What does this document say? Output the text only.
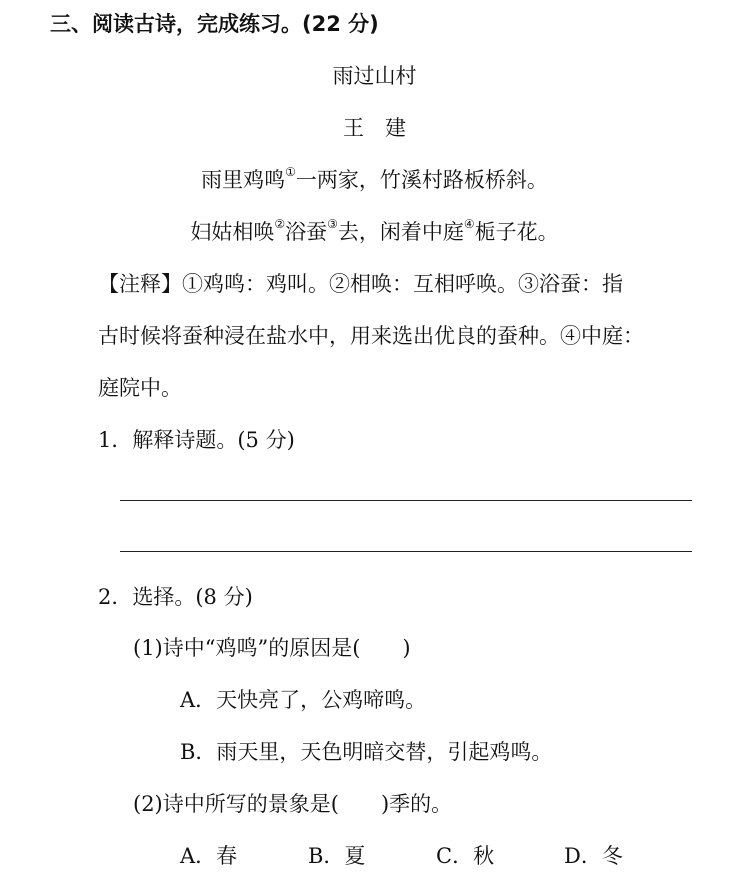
三、阅读古诗，完成练习。(22 分)
雨过山村
王　建
雨里鸡鸣①一两家，竹溪村路板桥斜。
妇姑相唤②浴蚕③去，闲着中庭④栀子花。
【注释】①鸡鸣：鸡叫。②相唤：互相呼唤。③浴蚕：指
古时候将蚕种浸在盐水中，用来选出优良的蚕种。④中庭：
庭院中。
1．解释诗题。(5 分)
2．选择。(8 分)
(1)诗中“鸡鸣”的原因是( )
A．天快亮了，公鸡啼鸣。
B．雨天里，天色明暗交替，引起鸡鸣。
(2)诗中所写的景象是( )季的。
A．春	B．夏	C．秋	D．冬
